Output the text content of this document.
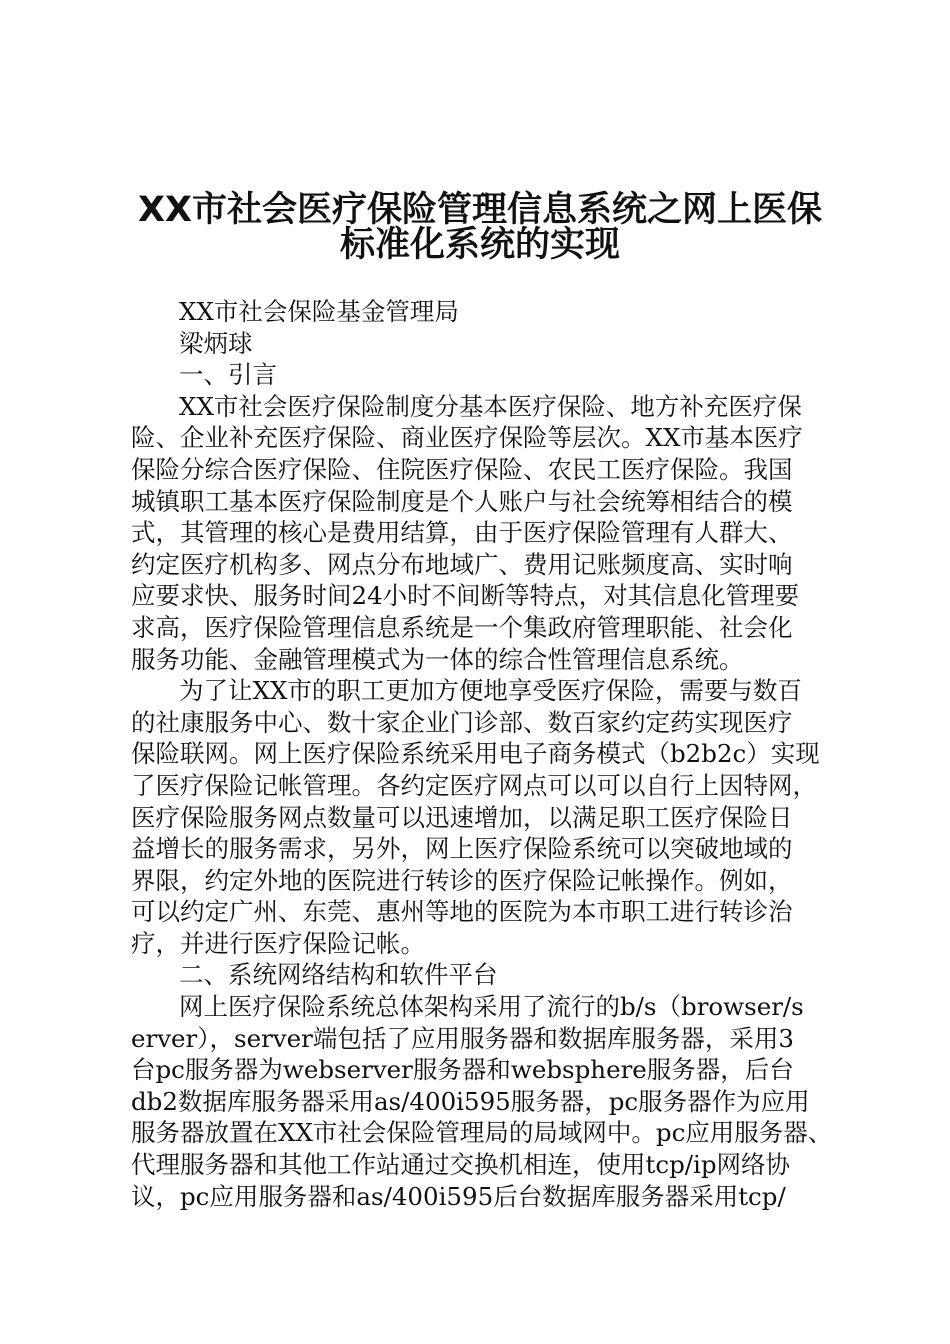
XX市社会医疗保险管理信息系统之网上医保
标准化系统的实现
XX市社会保险基金管理局
梁炳球
一、引言
XX市社会医疗保险制度分基本医疗保险、地方补充医疗保
险、企业补充医疗保险、商业医疗保险等层次。XX市基本医疗
保险分综合医疗保险、住院医疗保险、农民工医疗保险。我国
城镇职工基本医疗保险制度是个人账户与社会统筹相结合的模
式，其管理的核心是费用结算，由于医疗保险管理有人群大、
约定医疗机构多、网点分布地域广、费用记账频度高、实时响
应要求快、服务时间24小时不间断等特点，对其信息化管理要
求高，医疗保险管理信息系统是一个集政府管理职能、社会化
服务功能、金融管理模式为一体的综合性管理信息系统。
为了让XX市的职工更加方便地享受医疗保险，需要与数百
的社康服务中心、数十家企业门诊部、数百家约定药实现医疗
保险联网。网上医疗保险系统采用电子商务模式（b2b2c）实现
了医疗保险记帐管理。各约定医疗网点可以可以自行上因特网，
医疗保险服务网点数量可以迅速增加，以满足职工医疗保险日
益增长的服务需求，另外，网上医疗保险系统可以突破地域的
界限，约定外地的医院进行转诊的医疗保险记帐操作。例如，
可以约定广州、东莞、惠州等地的医院为本市职工进行转诊治
疗，并进行医疗保险记帐。
二、系统网络结构和软件平台
网上医疗保险系统总体架构采用了流行的b/s（browser/s
erver），server端包括了应用服务器和数据库服务器，采用3
台pc服务器为webserver服务器和websphere服务器，后台
db2数据库服务器采用as/400i595服务器，pc服务器作为应用
服务器放置在XX市社会保险管理局的局域网中。pc应用服务器、
代理服务器和其他工作站通过交换机相连，使用tcp/ip网络协
议，pc应用服务器和as/400i595后台数据库服务器采用tcp/
